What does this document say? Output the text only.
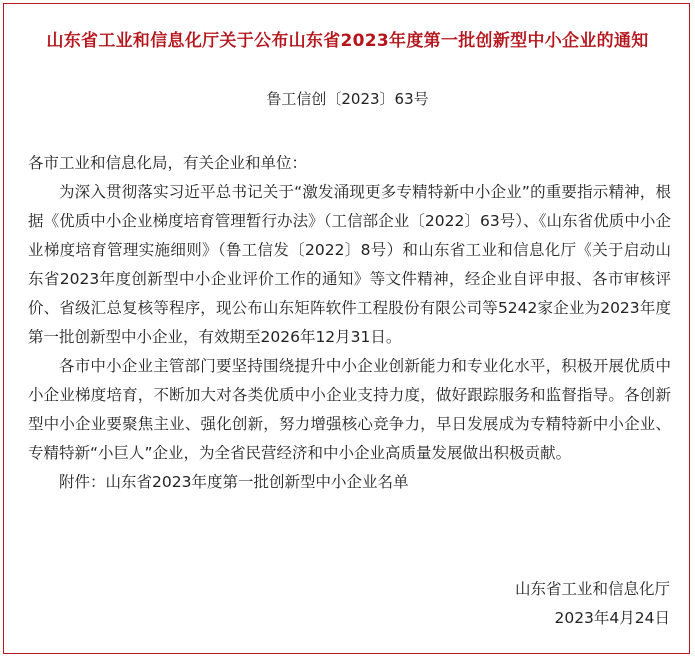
山东省工业和信息化厅关于公布山东省2023年度第一批创新型中小企业的通知
鲁工信创〔2023〕63号

各市工业和信息化局，有关企业和单位：

为深入贯彻落实习近平总书记关于“激发涌现更多专精特新中小企业”的重要指示精神，根据《优质中小企业梯度培育管理暂行办法》（工信部企业〔2022〕63号）、《山东省优质中小企业梯度培育管理实施细则》（鲁工信发〔2022〕8号）和山东省工业和信息化厅《关于启动山东省2023年度创新型中小企业评价工作的通知》等文件精神，经企业自评申报、各市审核评价、省级汇总复核等程序，现公布山东矩阵软件工程股份有限公司等5242家企业为2023年度第一批创新型中小企业，有效期至2026年12月31日。

各市中小企业主管部门要坚持围绕提升中小企业创新能力和专业化水平，积极开展优质中小企业梯度培育，不断加大对各类优质中小企业支持力度，做好跟踪服务和监督指导。各创新型中小企业要聚焦主业、强化创新，努力增强核心竞争力，早日发展成为专精特新中小企业、专精特新“小巨人”企业，为全省民营经济和中小企业高质量发展做出积极贡献。

附件：山东省2023年度第一批创新型中小企业名单

山东省工业和信息化厅
2023年4月24日
